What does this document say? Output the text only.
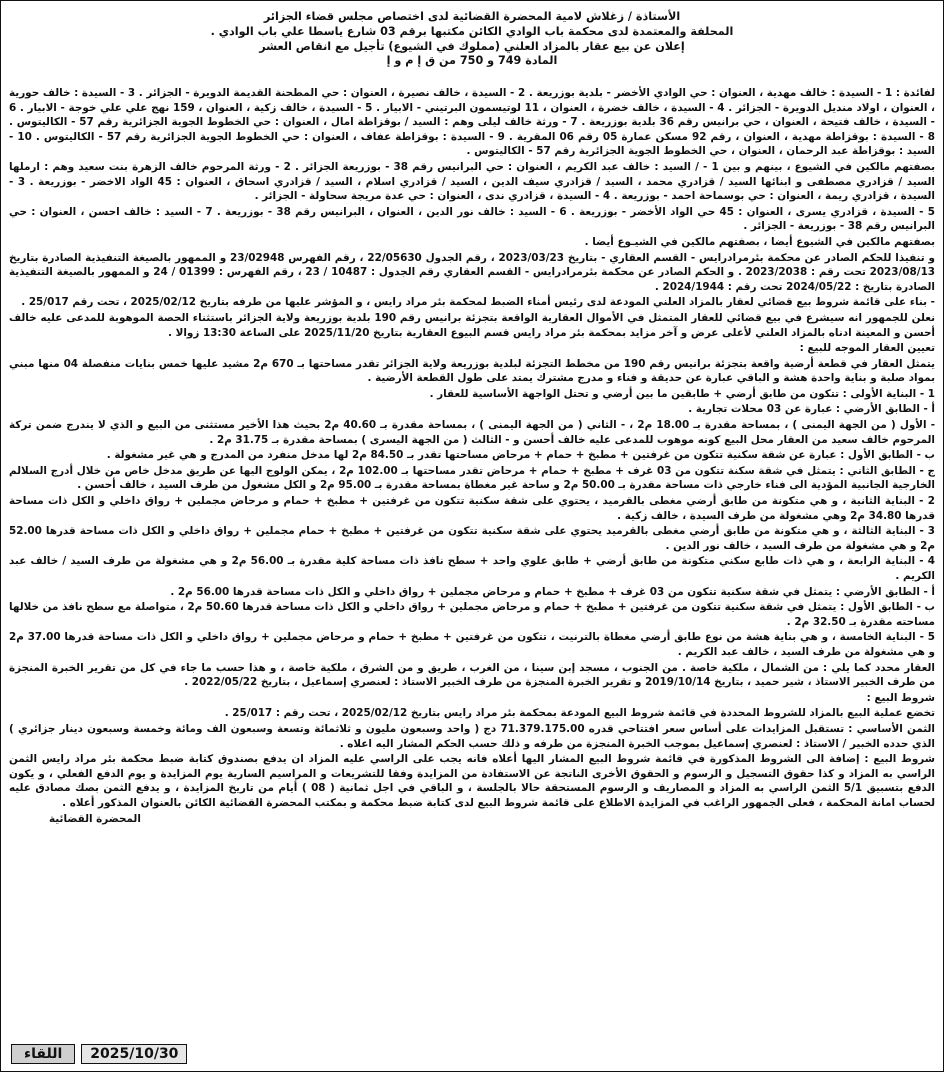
الأستاذة / زغلاش لامية المحضرة القضائية لدى اختصاص مجلس قضاء الجزائر
المحلفة والمعتمدة لدى محكمة باب الوادي الكائن مكتبها برقم 03 شارع ياسطا علي باب الوادي .
إعلان عن بيع عقار بالمزاد العلني (مملوك في الشيوع) تأجيل مع انقاص العشر
المادة 749 و 750 من ق إ م و إ

لفائدة : 1 - السيدة : خالف مهدية ، العنوان : حي الوادي الأخضر - بلدية بوزريعة . 2 - السيدة ، خالف نصيرة ، العنوان : حي المطحنة القديمة الدويرة - الجزائر . 3 - السيدة : خالف حورية ، العنوان ، اولاد منديل الدويرة - الجزائر . 4 - السيدة ، خالف خضرة ، العنوان ، 11 لوتيسمون البرتيني - الابيار . 5 - السيدة ، خالف زكية ، العنوان ، 159 نهج علي علي خوجة - الابيار . 6 - السيدة ، خالف فتيحة ، العنوان ، حي برانيس رقم 36 بلدية بوزريعة . 7 - ورثة خالف ليلى وهم : السيد / بوقزاطة امال ، العنوان : حي الخطوط الجوية الجزائرية رقم 57 - الكاليتوس . 8 - السيدة : بوقزاطة مهدية ، العنوان ، رقم 92 مسكن عمارة 05 رقم 06 المقرية . 9 - السيدة : بوقزاطة عفاف ، العنوان : حي الخطوط الجوية الجزائرية رقم 57 - الكاليتوس . 10 - السيد : بوقزاطة عبد الرحمان ، العنوان ، حي الخطوط الجوية الجزائرية رقم 57 - الكاليتوس .

بصفتهم مالكين في الشيوع ، بينهم و بين 1 - / السيد : خالف عبد الكريم ، العنوان : حي البرانيس رقم 38 - بوزريعة الجزائر . 2 - ورثة المرحوم خالف الزهرة بنت سعيد وهم : ارملها السيد / قزادري مصطفى و ابنائها السيد / قزادري محمد ، السيد / قزادري سيف الدين ، السيد / قزادري اسلام ، السيد / قزادري اسحاق ، العنوان : 45 الواد الاخضر - بوزريعة . 3 - السيدة ، قزادري ريمة ، العنوان : حي بوسماحة احمد - بوزريعة . 4 - السيدة ، قزادري ندى ، العنوان : حي عدة مريجة سحاولة - الجزائر .

5 - السيدة ، قزادري يسرى ، العنوان : 45 حي الواد الأخضر - بوزريعة . 6 - السيد : خالف نور الدين ، العنوان ، البرانيس رقم 38 - بوزريعة . 7 - السيد : خالف احسن ، العنوان : حي البرانيس رقم 38 - بوزريعة - الجزائر .

بصفتهم مالكين في الشيوع أيضا ، بصفتهم مالكين في الشيـوع أيضا .

و تنفيذا للحكم الصادر عن محكمة بئرمرادرايس - القسم العقاري - بتاريخ 2023/03/23 ، رقم الجدول 22/05630 ، رقم الفهرس 23/02948 و الممهور بالصيغة التنفيذية الصادرة بتاريخ 2023/08/13 تحت رقم : 2023/2038 . و الحكم الصادر عن محكمة بئرمرادرايس - القسم العقاري رقم الجدول : 10487 / 23 ، رقم الفهرس : 01399 / 24 و الممهور بالصيغة التنفيذية الصادرة بتاريخ : 2024/05/22 تحت رقم : 2024/1944 .

- بناء على قائمة شروط بيع قضائي لعقار بالمزاد العلني المودعة لدى رئيس أمناء الضبط لمحكمة بئر مراد رايس ، و المؤشر عليها من طرفه بتاريخ 2025/02/12 ، تحت رقم 25/017 .

نعلن للجمهور انه سيشرع في بيع قضائي للعقار المتمثل في الأموال العقارية الواقعة بتجزئة برانيس رقم 190 بلدية بوزريعة ولاية الجزائر باستثناء الحصة الموهوبة للمدعى عليه خالف أحسن و المعينة ادناه بالمزاد العلني لأعلى عرض و آخر مزايد بمحكمة بئر مراد رايس قسم البيوع العقارية بتاريخ 2025/11/20 على الساعة 13:30 زوالا .

تعيين العقار الموجه للبيع :

يتمثل العقار في قطعة أرضية واقعة بتجزئة برانيس رقم 190 من مخطط التجزئة لبلدية بوزريعة ولاية الجزائر تقدر مساحتها بـ 670 م2 مشيد عليها خمس بنايات منفصلة 04 منها مبني بمواد صلبة و بناية واحدة هشة و الباقي عبارة عن حديقة و فناء و مدرج مشترك يمتد على طول القطعة الأرضية .

1 - البناية الأولى : تتكون من طابق أرضي + طابقين ما بين أرضي و تحتل الواجهة الأساسية للعقار .

أ - الطابق الأرضي : عبارة عن 03 محلات تجارية .

- الأول ( من الجهة اليمنى ) ، بمساحة مقدرة بـ 18.00 م2 ، - الثاني ( من الجهة اليمنى ) ، بمساحة مقدرة بـ 40.60 م2 بحيث هذا الأخير مستثنى من البيع و الذي لا يندرج ضمن تركة المرحوم خالف سعيد من العقار محل البيع كونه موهوب للمدعى عليه خالف أحسن و - الثالث ( من الجهة اليسرى ) بمساحة مقدرة بـ 31.75 م2 .

ب - الطابق الأول : عبارة عن شقة سكنية تتكون من غرفتين + مطبخ + حمام + مرحاض مساحتها تقدر بـ 84.50 م2 لها مدخل منفرد من المدرج و هي غير مشغولة .

ج - الطابق الثاني : يتمثل في شقة سكنة تتكون من 03 غرف + مطبخ + حمام + مرحاض تقدر مساحتها بـ 102.00 م2 ، يمكن الولوج اليها عن طريق مدخل خاص من خلال أدرج السلالم الخارجية الجانبية المؤدية الى فناء خارجي ذات مساحة مقدرة بـ 50.00 م2 و ساحة غير مغطاة بمساحة مقدرة بـ 95.00 م2 و الكل مشغول من طرف السيد ، خالف أحسن .

2 - البناية الثانية ، و هي متكونة من طابق أرضي مغطى بالقرميد ، يحتوي على شقة سكنية تتكون من غرفتين + مطبخ + حمام و مرحاض مجملين + رواق داخلي و الكل ذات مساحة قدرها 34.80 م2 وهي مشغولة من طرف السيدة ، خالف زكية .

3 - البناية الثالثة ، و هي متكونة من طابق أرضي مغطى بالقرميد يحتوي على شقة سكنية تتكون من غرفتين + مطبخ + حمام مجملين + رواق داخلي و الكل ذات مساحة قدرها 52.00 م2 و هي مشغولة من طرف السيد ، خالف نور الدين .

4 - البناية الرابعة ، و هي ذات طابع سكني متكونة من طابق أرضي + طابق علوي واحد + سطح نافذ ذات مساحة كلية مقدرة بـ 56.00 م2 و هي مشغولة من طرف السيد / خالف عبد الكريم .

أ - الطابق الأرضي : يتمثل في شقة سكنية تتكون من 03 غرف + مطبخ + حمام و مرحاض مجملين + رواق داخلي و الكل ذات مساحة قدرها 56.00 م2 .

ب - الطابق الأول : يتمثل في شقة سكنية تتكون من غرفتين + مطبخ + حمام و مرحاض مجملين + رواق داخلي و الكل ذات مساحة قدرها 50.60 م2 ، متواصلة مع سطح نافذ من خلالها مساحته مقدرة بـ 32.50 م2 .

5 - البناية الخامسة ، و هي بناية هشة من نوع طابق أرضي مغطاة بالترنيت ، تتكون من غرفتين + مطبخ + حمام و مرحاض مجملين + رواق داخلي و الكل ذات مساحة قدرها 37.00 م2 و هي مشغولة من طرف السيد ، خالف عبد الكريم .

العقار محدد كما يلي : من الشمال ، ملكية خاصة . من الجنوب ، مسجد إبن سينا ، من الغرب ، طريق و من الشرق ، ملكية خاصة ، و هذا حسب ما جاء في كل من تقرير الخبرة المنجزة من طرف الخبير الاستاذ ، شير حميد ، بتاريخ 2019/10/14 و تقرير الخبرة المنجزة من طرف الخبير الاستاذ : لعنصري إسماعيل ، بتاريخ 2022/05/22 .

شروط البيع :

تخضع عملية البيع بالمزاد للشروط المحددة في قائمة شروط البيع المودعة بمحكمة بئر مراد رايس بتاريخ 2025/02/12 ، تحت رقم : 25/017 .

الثمن الأساسي : تستقبل المزايدات على أساس سعر افتتاحي قدره 71.379.175.00 دج ( واحد وسبعون مليون و ثلاثمائة وتسعة وسبعون الف ومائة وخمسة وسبعون دينار جزائري ) الذي حدده الخبير / الاستاذ : لعنصري إسماعيل بموجب الخبرة المنجزة من طرفه و ذلك حسب الحكم المشار اليه اعلاه .

شروط البيع : إضافة الى الشروط المذكورة في قائمة شروط البيع المشار اليها أعلاه فانه يجب على الراسي عليه المزاد ان يدفع بصندوق كتابة ضبط محكمة بئر مراد رايس الثمن الراسي به المزاد و كذا حقوق التسجيل و الرسوم و الحقوق الأخرى الناتجة عن الاستفادة من المزايدة وفقا للتشريعات و المراسيم السارية يوم المزايدة و يوم الدفع الفعلي ، و يكون الدفع بتسبيق 5/1 الثمن الراسي به المزاد و المصاريف و الرسوم المستحقة حالا بالجلسة ، و الباقي في اجل ثمانية ( 08 ) أيام من تاريخ المزايدة ، و يدفع الثمن بصك مصادق عليه لحساب امانة المحكمة ، فعلى الجمهور الراغب في المزايدة الاطلاع على قائمة شروط البيع لدى كتابة ضبط محكمة و بمكتب المحضرة القضائية الكائن بالعنوان المذكور أعلاه .

المحضرة القضائية

2025/10/30
اللقاء
